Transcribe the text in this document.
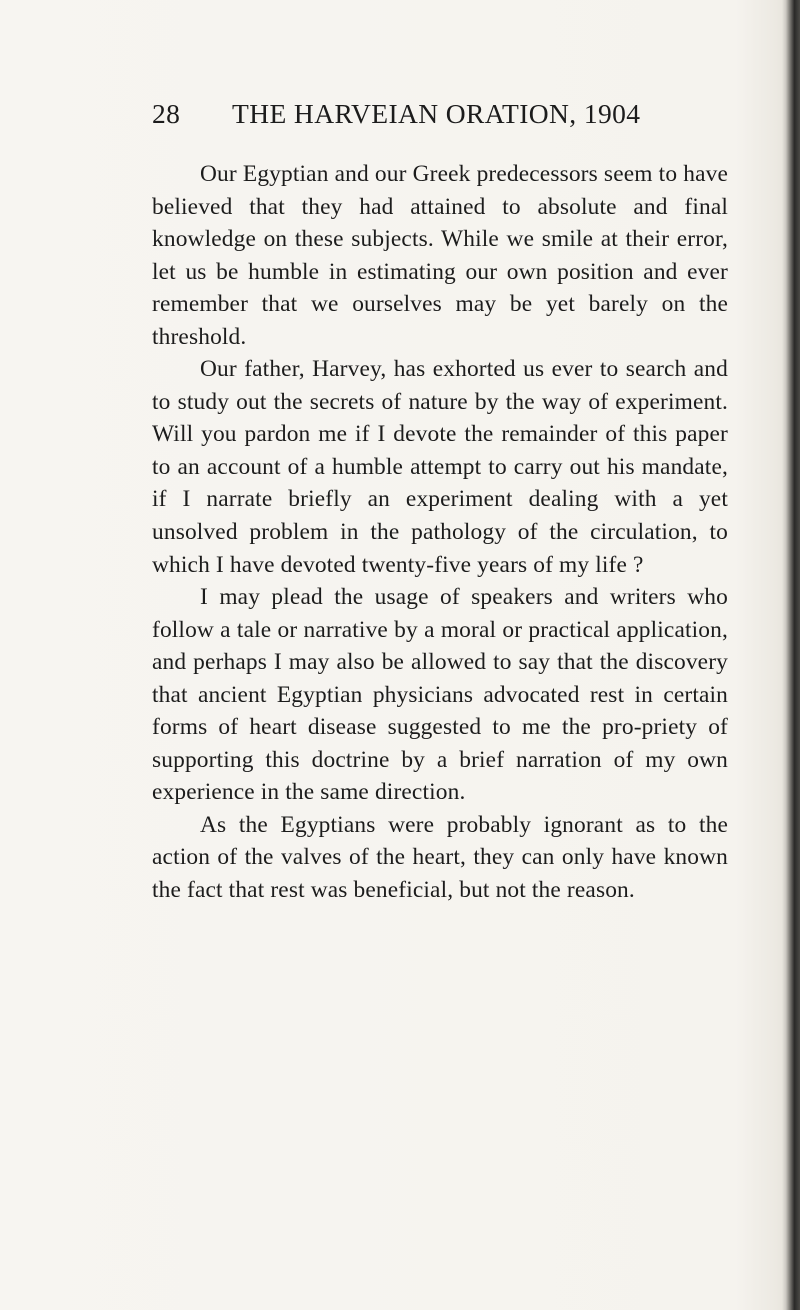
28 THE HARVEIAN ORATION, 1904

Our Egyptian and our Greek predecessors seem to have believed that they had attained to absolute and final knowledge on these subjects. While we smile at their error, let us be humble in estimating our own position and ever remember that we ourselves may be yet barely on the threshold.

Our father, Harvey, has exhorted us ever to search and to study out the secrets of nature by the way of experiment. Will you pardon me if I devote the remainder of this paper to an account of a humble attempt to carry out his mandate, if I narrate briefly an experiment dealing with a yet unsolved problem in the pathology of the circulation, to which I have devoted twenty-five years of my life ?

I may plead the usage of speakers and writers who follow a tale or narrative by a moral or practical application, and perhaps I may also be allowed to say that the discovery that ancient Egyptian physicians advocated rest in certain forms of heart disease suggested to me the pro-priety of supporting this doctrine by a brief narration of my own experience in the same direction.

As the Egyptians were probably ignorant as to the action of the valves of the heart, they can only have known the fact that rest was beneficial, but not the reason.
